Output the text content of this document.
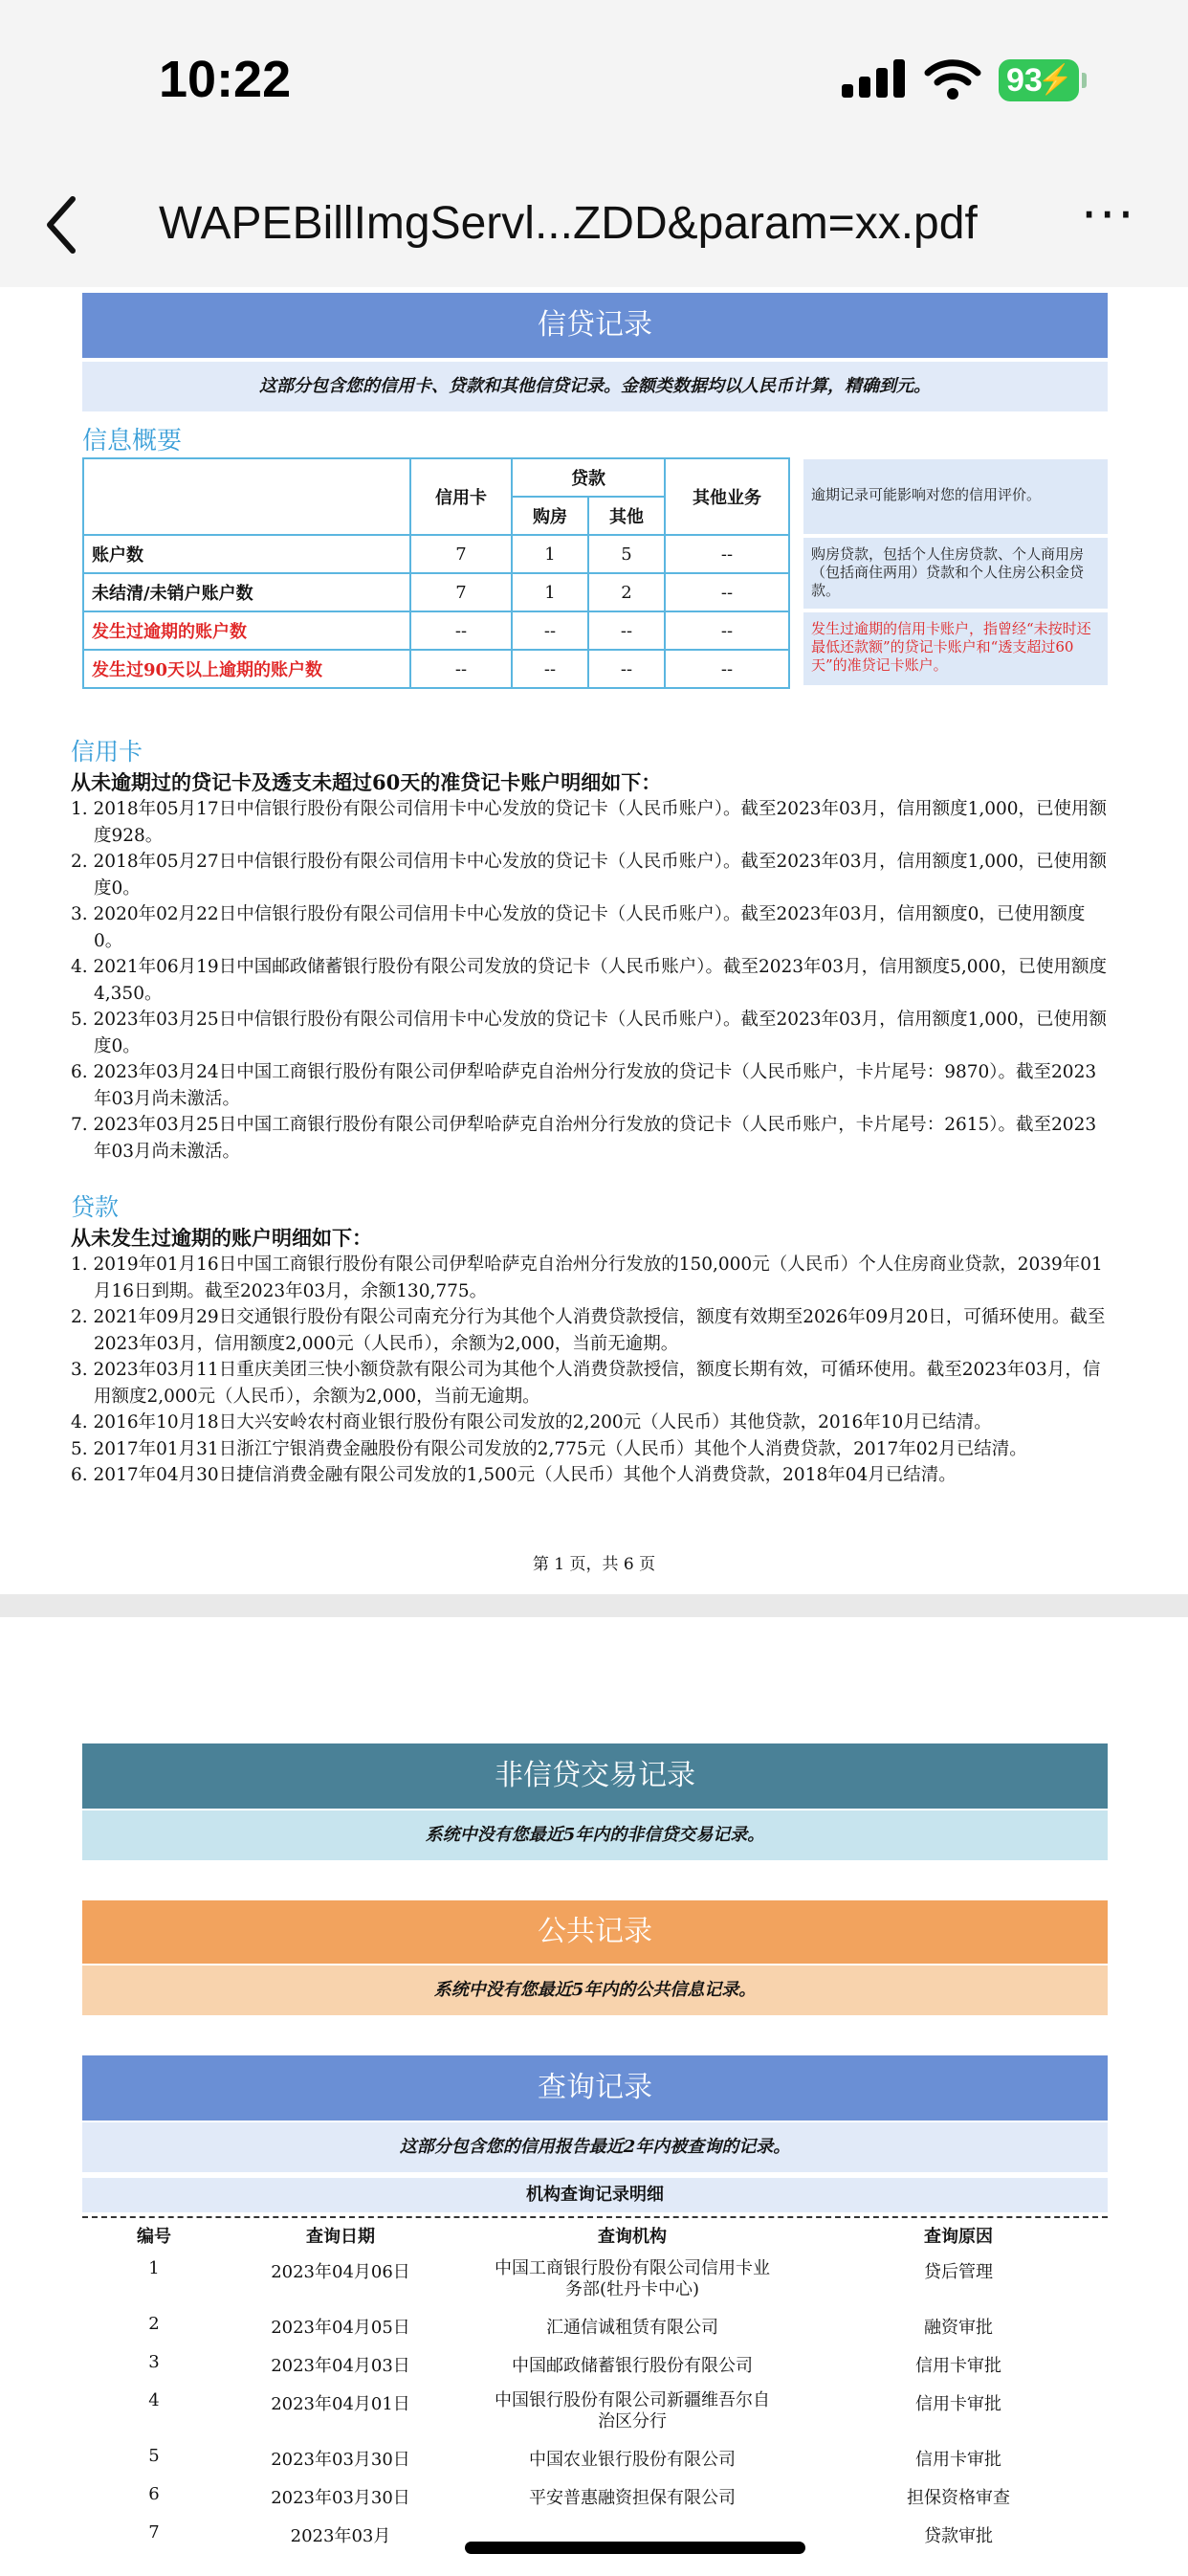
10:22	93
⚡
WAPEBillImgServl...ZDD&param=xx.pdf ···
信贷记录
这部分包含您的信用卡、贷款和其他信贷记录。金额类数据均以人民币计算，精确到元。
信息概要
	信用卡	贷款		其他业务
		购房	其他	
账户数	7	1	5	--
未结清/未销户账户数	7	1	2	--
发生过逾期的账户数	--	--	--	--
发生过90天以上逾期的账户数	--	--	--	--
逾期记录可能影响对您的信用评价。
购房贷款，包括个人住房贷款、个人商用房（包括商住两用）贷款和个人住房公积金贷款。
发生过逾期的信用卡账户，指曾经“未按时还最低还款额”的贷记卡账户和“透支超过60天”的准贷记卡账户。
信用卡
从未逾期过的贷记卡及透支未超过60天的准贷记卡账户明细如下：
1. 2018年05月17日中信银行股份有限公司信用卡中心发放的贷记卡（人民币账户）。截至2023年03月，信用额度1,000，已使用额度928。
2. 2018年05月27日中信银行股份有限公司信用卡中心发放的贷记卡（人民币账户）。截至2023年03月，信用额度1,000，已使用额度0。
3. 2020年02月22日中信银行股份有限公司信用卡中心发放的贷记卡（人民币账户）。截至2023年03月，信用额度0，已使用额度0。
4. 2021年06月19日中国邮政储蓄银行股份有限公司发放的贷记卡（人民币账户）。截至2023年03月，信用额度5,000，已使用额度4,350。
5. 2023年03月25日中信银行股份有限公司信用卡中心发放的贷记卡（人民币账户）。截至2023年03月，信用额度1,000，已使用额度0。
6. 2023年03月24日中国工商银行股份有限公司伊犁哈萨克自治州分行发放的贷记卡（人民币账户，卡片尾号：9870）。截至2023年03月尚未激活。
7. 2023年03月25日中国工商银行股份有限公司伊犁哈萨克自治州分行发放的贷记卡（人民币账户，卡片尾号：2615）。截至2023年03月尚未激活。
贷款
从未发生过逾期的账户明细如下：
1. 2019年01月16日中国工商银行股份有限公司伊犁哈萨克自治州分行发放的150,000元（人民币）个人住房商业贷款，2039年01月16日到期。截至2023年03月，余额130,775。
2. 2021年09月29日交通银行股份有限公司南充分行为其他个人消费贷款授信，额度有效期至2026年09月20日，可循环使用。截至2023年03月，信用额度2,000元（人民币），余额为2,000，当前无逾期。
3. 2023年03月11日重庆美团三快小额贷款有限公司为其他个人消费贷款授信，额度长期有效，可循环使用。截至2023年03月，信用额度2,000元（人民币），余额为2,000，当前无逾期。
4. 2016年10月18日大兴安岭农村商业银行股份有限公司发放的2,200元（人民币）其他贷款，2016年10月已结清。
5. 2017年01月31日浙江宁银消费金融股份有限公司发放的2,775元（人民币）其他个人消费贷款，2017年02月已结清。
6. 2017年04月30日捷信消费金融有限公司发放的1,500元（人民币）其他个人消费贷款，2018年04月已结清。
第 1 页，共 6 页
非信贷交易记录
系统中没有您最近5年内的非信贷交易记录。
公共记录
系统中没有您最近5年内的公共信息记录。
查询记录
这部分包含您的信用报告最近2年内被查询的记录。
机构查询记录明细
编号	查询日期	查询机构	查询原因
1	2023年04月06日	中国工商银行股份有限公司信用卡业务部(牡丹卡中心)	贷后管理
2	2023年04月05日	汇通信诚租赁有限公司	融资审批
3	2023年04月03日	中国邮政储蓄银行股份有限公司	信用卡审批
4	2023年04月01日	中国银行股份有限公司新疆维吾尔自治区分行	信用卡审批
5	2023年03月30日	中国农业银行股份有限公司	信用卡审批
6	2023年03月30日	平安普惠融资担保有限公司	担保资格审查
7	2023年03月		贷款审批
